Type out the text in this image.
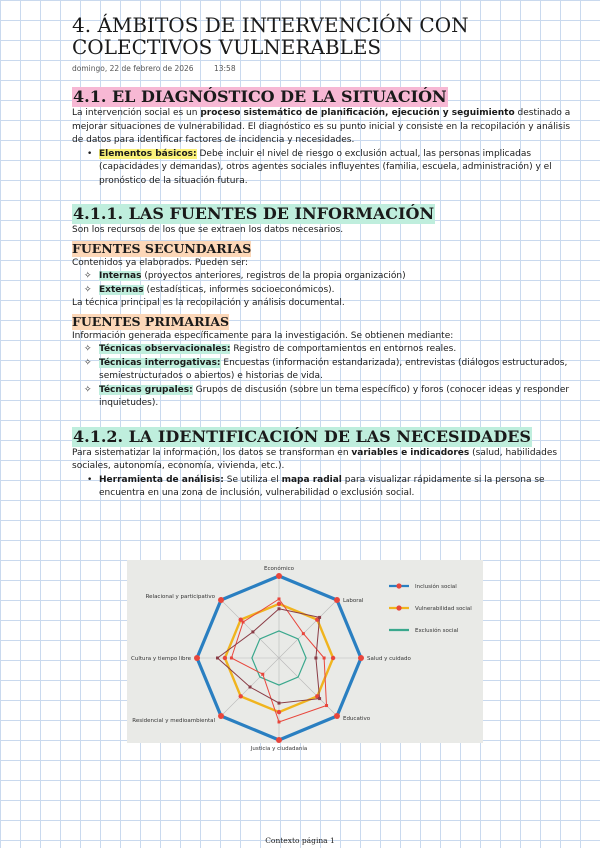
4. ÁMBITOS DE INTERVENCIÓN CON COLECTIVOS VULNERABLES
domingo, 22 de febrero de 2026	13:58
4.1. EL DIAGNÓSTICO DE LA SITUACIÓN

La intervención social es un proceso sistemático de planificación, ejecución y seguimiento destinado a mejorar situaciones de vulnerabilidad. El diagnóstico es su punto inicial y consiste en la recopilación y análisis de datos para identificar factores de incidencia y necesidades.

• Elementos básicos: Debe incluir el nivel de riesgo o exclusión actual, las personas implicadas (capacidades y demandas), otros agentes sociales influyentes (familia, escuela, administración) y el pronóstico de la situación futura.
4.1.1. LAS FUENTES DE INFORMACIÓN

Son los recursos de los que se extraen los datos necesarios.

FUENTES SECUNDARIAS

Contenidos ya elaborados. Pueden ser:

✧ Internas (proyectos anteriores, registros de la propia organización)
✧ Externas (estadísticas, informes socioeconómicos).

La técnica principal es la recopilación y análisis documental.

FUENTES PRIMARIAS

Información generada específicamente para la investigación. Se obtienen mediante:

✧ Técnicas observacionales: Registro de comportamientos en entornos reales.
✧ Técnicas interrogativas: Encuestas (información estandarizada), entrevistas (diálogos estructurados, semiestructurados o abiertos) e historias de vida.
✧ Técnicas grupales: Grupos de discusión (sobre un tema específico) y foros (conocer ideas y responder inquietudes).
4.1.2. LA IDENTIFICACIÓN DE LAS NECESIDADES

Para sistematizar la información, los datos se transforman en variables e indicadores (salud, habilidades sociales, autonomía, economía, vivienda, etc.).

• Herramienta de análisis: Se utiliza el mapa radial para visualizar rápidamente si la persona se encuentra en una zona de inclusión, vulnerabilidad o exclusión social.
Económico
Laboral
Salud y cuidado
Educativo
Justicia y ciudadanía
Residencial y medioambiental
Cultura y tiempo libre
Relacional y participativo
Inclusión social
Vulnerabilidad social
Exclusión social
Contexto página 1
